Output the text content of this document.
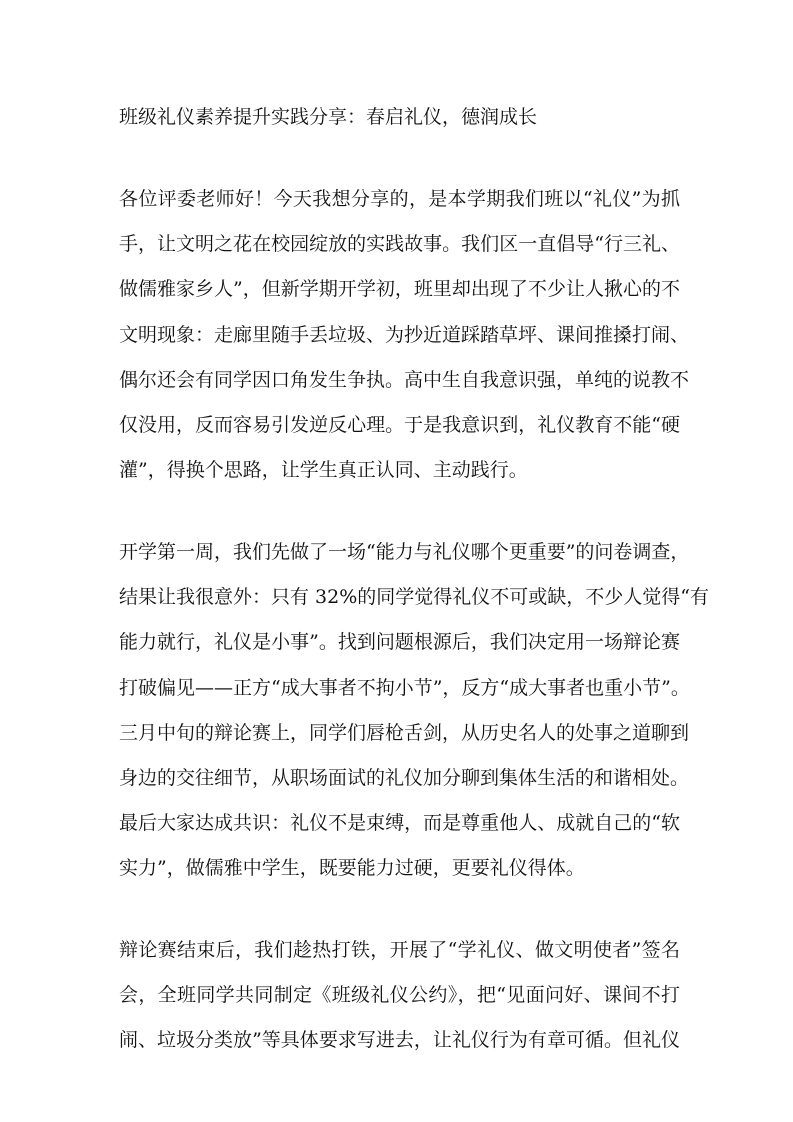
班级礼仪素养提升实践分享：春启礼仪，德润成长
各位评委老师好！今天我想分享的，是本学期我们班以“礼仪”为抓
手，让文明之花在校园绽放的实践故事。我们区一直倡导“行三礼、
做儒雅家乡人”，但新学期开学初，班里却出现了不少让人揪心的不
文明现象：走廊里随手丢垃圾、为抄近道踩踏草坪、课间推搡打闹、
偶尔还会有同学因口角发生争执。高中生自我意识强，单纯的说教不
仅没用，反而容易引发逆反心理。于是我意识到，礼仪教育不能“硬
灌”，得换个思路，让学生真正认同、主动践行。
开学第一周，我们先做了一场“能力与礼仪哪个更重要”的问卷调查，
结果让我很意外：只有 32%的同学觉得礼仪不可或缺，不少人觉得“有
能力就行，礼仪是小事”。找到问题根源后，我们决定用一场辩论赛
打破偏见——正方“成大事者不拘小节”，反方“成大事者也重小节”。
三月中旬的辩论赛上，同学们唇枪舌剑，从历史名人的处事之道聊到
身边的交往细节，从职场面试的礼仪加分聊到集体生活的和谐相处。
最后大家达成共识：礼仪不是束缚，而是尊重他人、成就自己的“软
实力”，做儒雅中学生，既要能力过硬，更要礼仪得体。
辩论赛结束后，我们趁热打铁，开展了“学礼仪、做文明使者”签名
会，全班同学共同制定《班级礼仪公约》，把“见面问好、课间不打
闹、垃圾分类放”等具体要求写进去，让礼仪行为有章可循。但礼仪
